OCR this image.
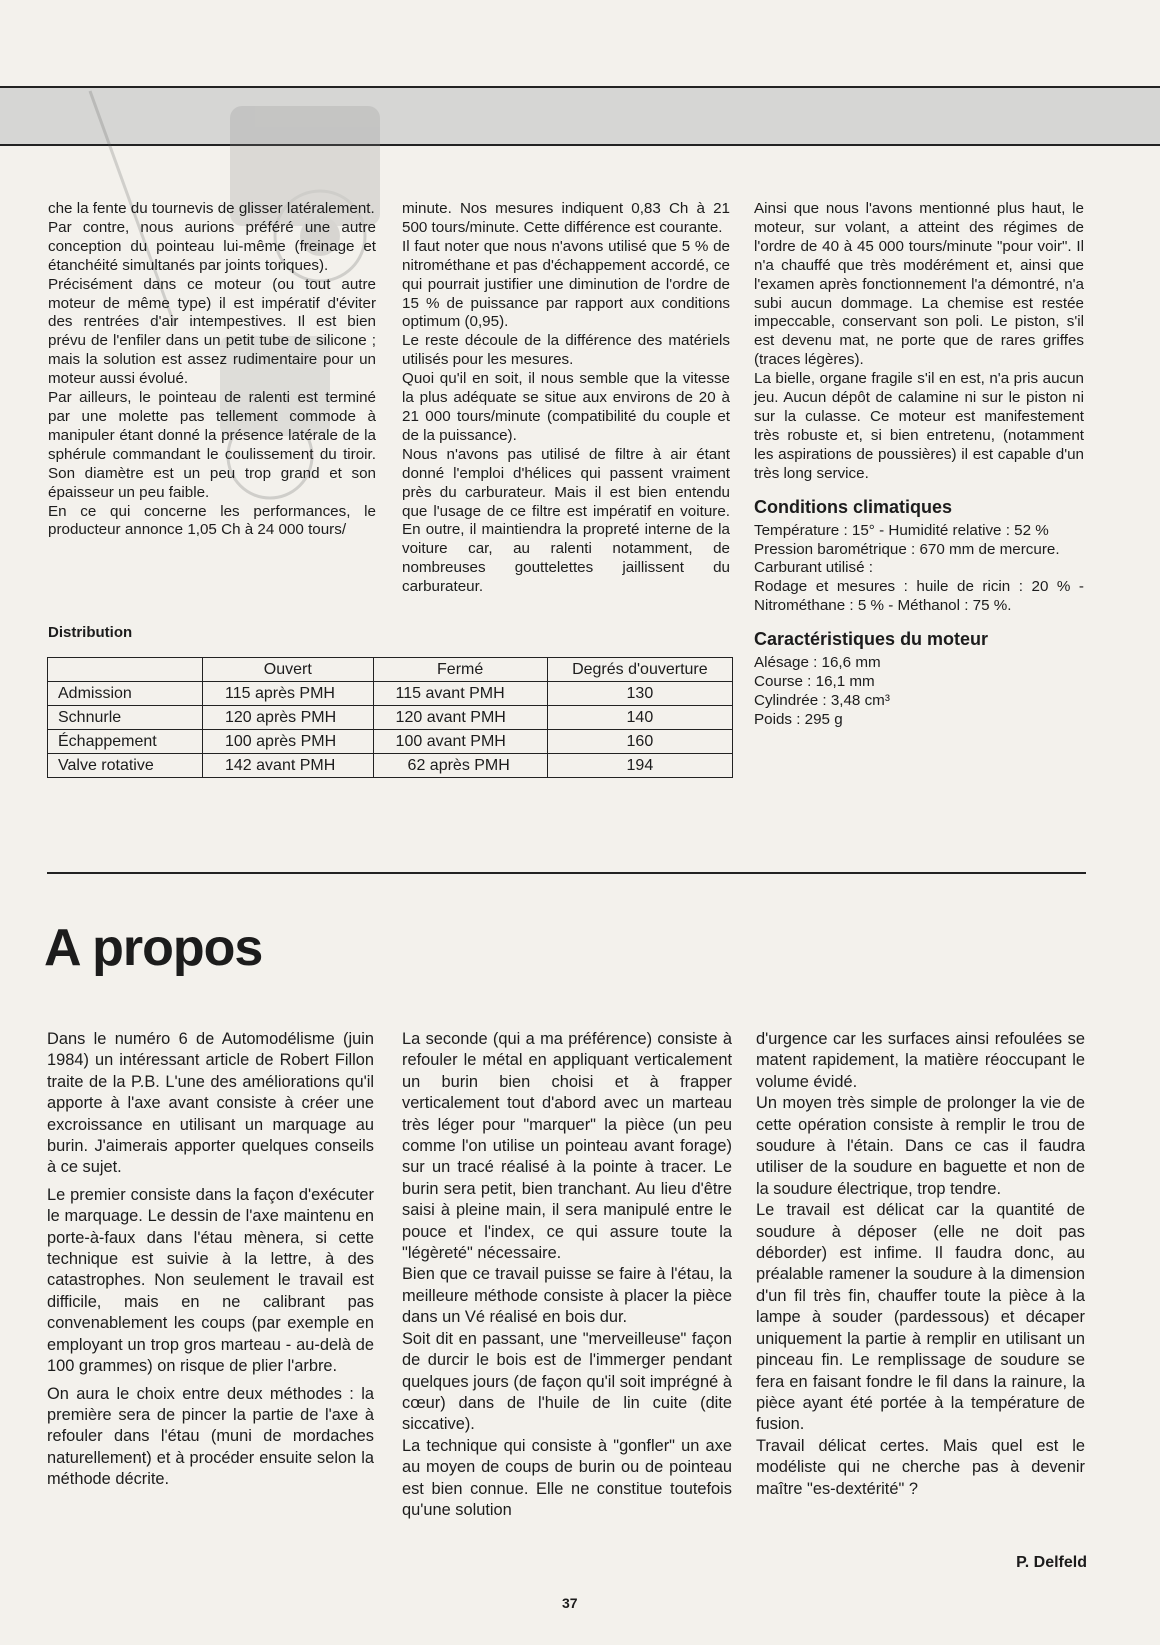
che la fente du tournevis de glisser latéralement.

Par contre, nous aurions préféré une autre conception du pointeau lui-même (freinage et étanchéité simultanés par joints toriques).

Précisément dans ce moteur (ou tout autre moteur de même type) il est impératif d'éviter des rentrées d'air intempestives. Il est bien prévu de l'enfiler dans un petit tube de silicone ; mais la solution est assez rudimentaire pour un moteur aussi évolué.

Par ailleurs, le pointeau de ralenti est terminé par une molette pas tellement commode à manipuler étant donné la présence latérale de la sphérule commandant le coulissement du tiroir. Son diamètre est un peu trop grand et son épaisseur un peu faible.

En ce qui concerne les performances, le producteur annonce 1,05 Ch à 24 000 tours/

minute. Nos mesures indiquent 0,83 Ch à 21 500 tours/minute. Cette différence est courante.

Il faut noter que nous n'avons utilisé que 5 % de nitrométhane et pas d'échappement accordé, ce qui pourrait justifier une diminution de l'ordre de 15 % de puissance par rapport aux conditions optimum (0,95).

Le reste découle de la différence des matériels utilisés pour les mesures.

Quoi qu'il en soit, il nous semble que la vitesse la plus adéquate se situe aux environs de 20 à 21 000 tours/minute (compatibilité du couple et de la puissance).

Nous n'avons pas utilisé de filtre à air étant donné l'emploi d'hélices qui passent vraiment près du carburateur. Mais il est bien entendu que l'usage de ce filtre est impératif en voiture. En outre, il maintiendra la propreté interne de la voiture car, au ralenti notamment, de nombreuses gouttelettes jaillissent du carburateur.

Ainsi que nous l'avons mentionné plus haut, le moteur, sur volant, a atteint des régimes de l'ordre de 40 à 45 000 tours/minute "pour voir". Il n'a chauffé que très modérément et, ainsi que l'examen après fonctionnement l'a démontré, n'a subi aucun dommage. La chemise est restée impeccable, conservant son poli. Le piston, s'il est devenu mat, ne porte que de rares griffes (traces légères).

La bielle, organe fragile s'il en est, n'a pris aucun jeu. Aucun dépôt de calamine ni sur le piston ni sur la culasse. Ce moteur est manifestement très robuste et, si bien entretenu, (notamment les aspirations de poussières) il est capable d'un très long service.

Conditions climatiques

Température : 15° - Humidité relative : 52 %

Pression barométrique : 670 mm de mercure.

Carburant utilisé :

Rodage et mesures : huile de ricin : 20 % - Nitrométhane : 5 % - Méthanol : 75 %.

Caractéristiques du moteur

Alésage : 16,6 mm

Course : 16,1 mm

Cylindrée : 3,48 cm³

Poids : 295 g

Distribution
	Ouvert	Fermé	Degrés d'ouverture
Admission	115 après PMH	115 avant PMH	130
Schnurle	120 après PMH	120 avant PMH	140
Échappement	100 après PMH	100 avant PMH	160
Valve rotative	142 avant PMH	62 après PMH	194
A propos

Dans le numéro 6 de Automodélisme (juin 1984) un intéressant article de Robert Fillon traite de la P.B. L'une des améliorations qu'il apporte à l'axe avant consiste à créer une excroissance en utilisant un marquage au burin. J'aimerais apporter quelques conseils à ce sujet.

Le premier consiste dans la façon d'exécuter le marquage. Le dessin de l'axe maintenu en porte-à-faux dans l'étau mènera, si cette technique est suivie à la lettre, à des catastrophes. Non seulement le travail est difficile, mais en ne calibrant pas convenablement les coups (par exemple en employant un trop gros marteau - au-delà de 100 grammes) on risque de plier l'arbre.

On aura le choix entre deux méthodes : la première sera de pincer la partie de l'axe à refouler dans l'étau (muni de mordaches naturellement) et à procéder ensuite selon la méthode décrite.

La seconde (qui a ma préférence) consiste à refouler le métal en appliquant verticalement un burin bien choisi et à frapper verticalement tout d'abord avec un marteau très léger pour "marquer" la pièce (un peu comme l'on utilise un pointeau avant forage) sur un tracé réalisé à la pointe à tracer. Le burin sera petit, bien tranchant. Au lieu d'être saisi à pleine main, il sera manipulé entre le pouce et l'index, ce qui assure toute la "légèreté" nécessaire.

Bien que ce travail puisse se faire à l'étau, la meilleure méthode consiste à placer la pièce dans un Vé réalisé en bois dur.

Soit dit en passant, une "merveilleuse" façon de durcir le bois est de l'immerger pendant quelques jours (de façon qu'il soit imprégné à cœur) dans de l'huile de lin cuite (dite siccative).

La technique qui consiste à "gonfler" un axe au moyen de coups de burin ou de pointeau est bien connue. Elle ne constitue toutefois qu'une solution

d'urgence car les surfaces ainsi refoulées se matent rapidement, la matière réoccupant le volume évidé.

Un moyen très simple de prolonger la vie de cette opération consiste à remplir le trou de soudure à l'étain. Dans ce cas il faudra utiliser de la soudure en baguette et non de la soudure électrique, trop tendre.

Le travail est délicat car la quantité de soudure à déposer (elle ne doit pas déborder) est infime. Il faudra donc, au préalable ramener la soudure à la dimension d'un fil très fin, chauffer toute la pièce à la lampe à souder (pardessous) et décaper uniquement la partie à remplir en utilisant un pinceau fin. Le remplissage de soudure se fera en faisant fondre le fil dans la rainure, la pièce ayant été portée à la température de fusion.

Travail délicat certes. Mais quel est le modéliste qui ne cherche pas à devenir maître "es-dextérité" ?

P. Delfeld
37
